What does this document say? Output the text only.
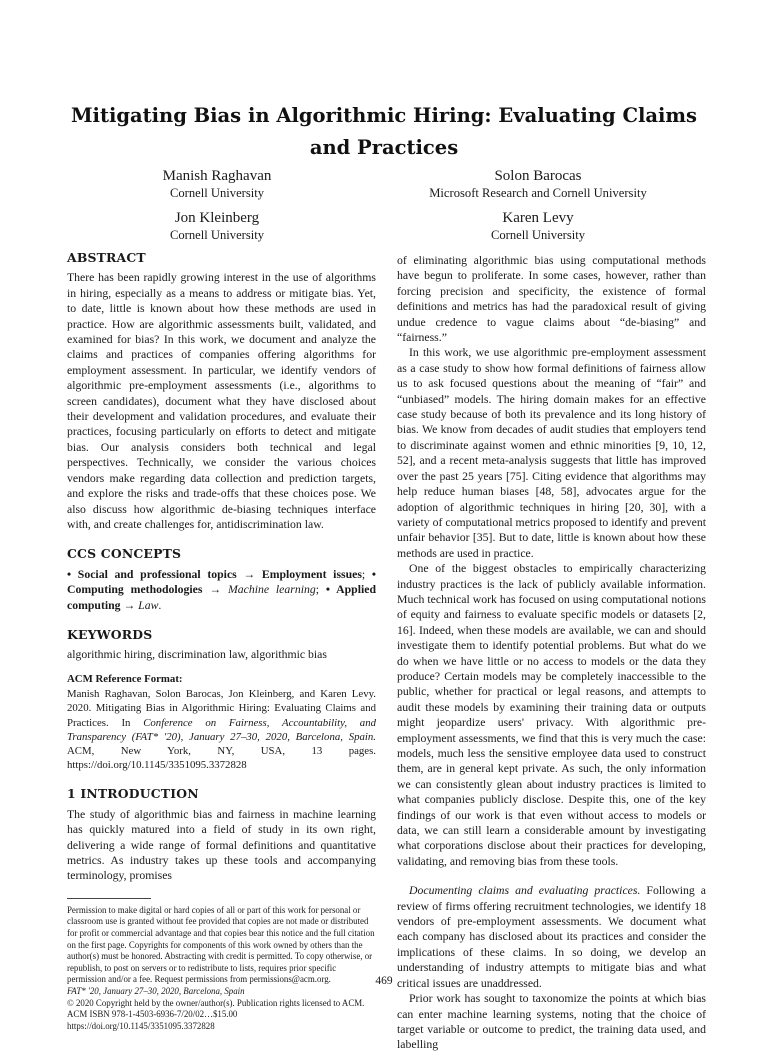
Mitigating Bias in Algorithmic Hiring: Evaluating Claims and Practices
Manish Raghavan
Cornell University
Solon Barocas
Microsoft Research and Cornell University
Jon Kleinberg
Cornell University
Karen Levy
Cornell University
ABSTRACT

There has been rapidly growing interest in the use of algorithms in hiring, especially as a means to address or mitigate bias. Yet, to date, little is known about how these methods are used in practice. How are algorithmic assessments built, validated, and examined for bias? In this work, we document and analyze the claims and practices of companies offering algorithms for employment assessment. In particular, we identify vendors of algorithmic pre-employment assessments (i.e., algorithms to screen candidates), document what they have disclosed about their development and validation procedures, and evaluate their practices, focusing particularly on efforts to detect and mitigate bias. Our analysis considers both technical and legal perspectives. Technically, we consider the various choices vendors make regarding data collection and prediction targets, and explore the risks and trade-offs that these choices pose. We also discuss how algorithmic de-biasing techniques interface with, and create challenges for, antidiscrimination law.

CCS CONCEPTS

• Social and professional topics → Employment issues; • Computing methodologies → Machine learning; • Applied computing → Law.

KEYWORDS

algorithmic hiring, discrimination law, algorithmic bias

ACM Reference Format:

Manish Raghavan, Solon Barocas, Jon Kleinberg, and Karen Levy. 2020. Mitigating Bias in Algorithmic Hiring: Evaluating Claims and Practices. In Conference on Fairness, Accountability, and Transparency (FAT* '20), January 27–30, 2020, Barcelona, Spain. ACM, New York, NY, USA, 13 pages. https://doi.org/10.1145/3351095.3372828

1 INTRODUCTION

The study of algorithmic bias and fairness in machine learning has quickly matured into a field of study in its own right, delivering a wide range of formal definitions and quantitative metrics. As industry takes up these tools and accompanying terminology, promises

Permission to make digital or hard copies of all or part of this work for personal or classroom use is granted without fee provided that copies are not made or distributed for profit or commercial advantage and that copies bear this notice and the full citation on the first page. Copyrights for components of this work owned by others than the author(s) must be honored. Abstracting with credit is permitted. To copy otherwise, or republish, to post on servers or to redistribute to lists, requires prior specific permission and/or a fee. Request permissions from permissions@acm.org.
FAT* '20, January 27–30, 2020, Barcelona, Spain
© 2020 Copyright held by the owner/author(s). Publication rights licensed to ACM.
ACM ISBN 978-1-4503-6936-7/20/02…$15.00
https://doi.org/10.1145/3351095.3372828

of eliminating algorithmic bias using computational methods have begun to proliferate. In some cases, however, rather than forcing precision and specificity, the existence of formal definitions and metrics has had the paradoxical result of giving undue credence to vague claims about “de-biasing” and “fairness.”

In this work, we use algorithmic pre-employment assessment as a case study to show how formal definitions of fairness allow us to ask focused questions about the meaning of “fair” and “unbiased” models. The hiring domain makes for an effective case study because of both its prevalence and its long history of bias. We know from decades of audit studies that employers tend to discriminate against women and ethnic minorities [9, 10, 12, 52], and a recent meta-analysis suggests that little has improved over the past 25 years [75]. Citing evidence that algorithms may help reduce human biases [48, 58], advocates argue for the adoption of algorithmic techniques in hiring [20, 30], with a variety of computational metrics proposed to identify and prevent unfair behavior [35]. But to date, little is known about how these methods are used in practice.

One of the biggest obstacles to empirically characterizing industry practices is the lack of publicly available information. Much technical work has focused on using computational notions of equity and fairness to evaluate specific models or datasets [2, 16]. Indeed, when these models are available, we can and should investigate them to identify potential problems. But what do we do when we have little or no access to models or the data they produce? Certain models may be completely inaccessible to the public, whether for practical or legal reasons, and attempts to audit these models by examining their training data or outputs might jeopardize users' privacy. With algorithmic pre-employment assessments, we find that this is very much the case: models, much less the sensitive employee data used to construct them, are in general kept private. As such, the only information we can consistently glean about industry practices is limited to what companies publicly disclose. Despite this, one of the key findings of our work is that even without access to models or data, we can still learn a considerable amount by investigating what corporations disclose about their practices for developing, validating, and removing bias from these tools.

Documenting claims and evaluating practices. Following a review of firms offering recruitment technologies, we identify 18 vendors of pre-employment assessments. We document what each company has disclosed about its practices and consider the implications of these claims. In so doing, we develop an understanding of industry attempts to mitigate bias and what critical issues are unaddressed.

Prior work has sought to taxonomize the points at which bias can enter machine learning systems, noting that the choice of target variable or outcome to predict, the training data used, and labelling

469
